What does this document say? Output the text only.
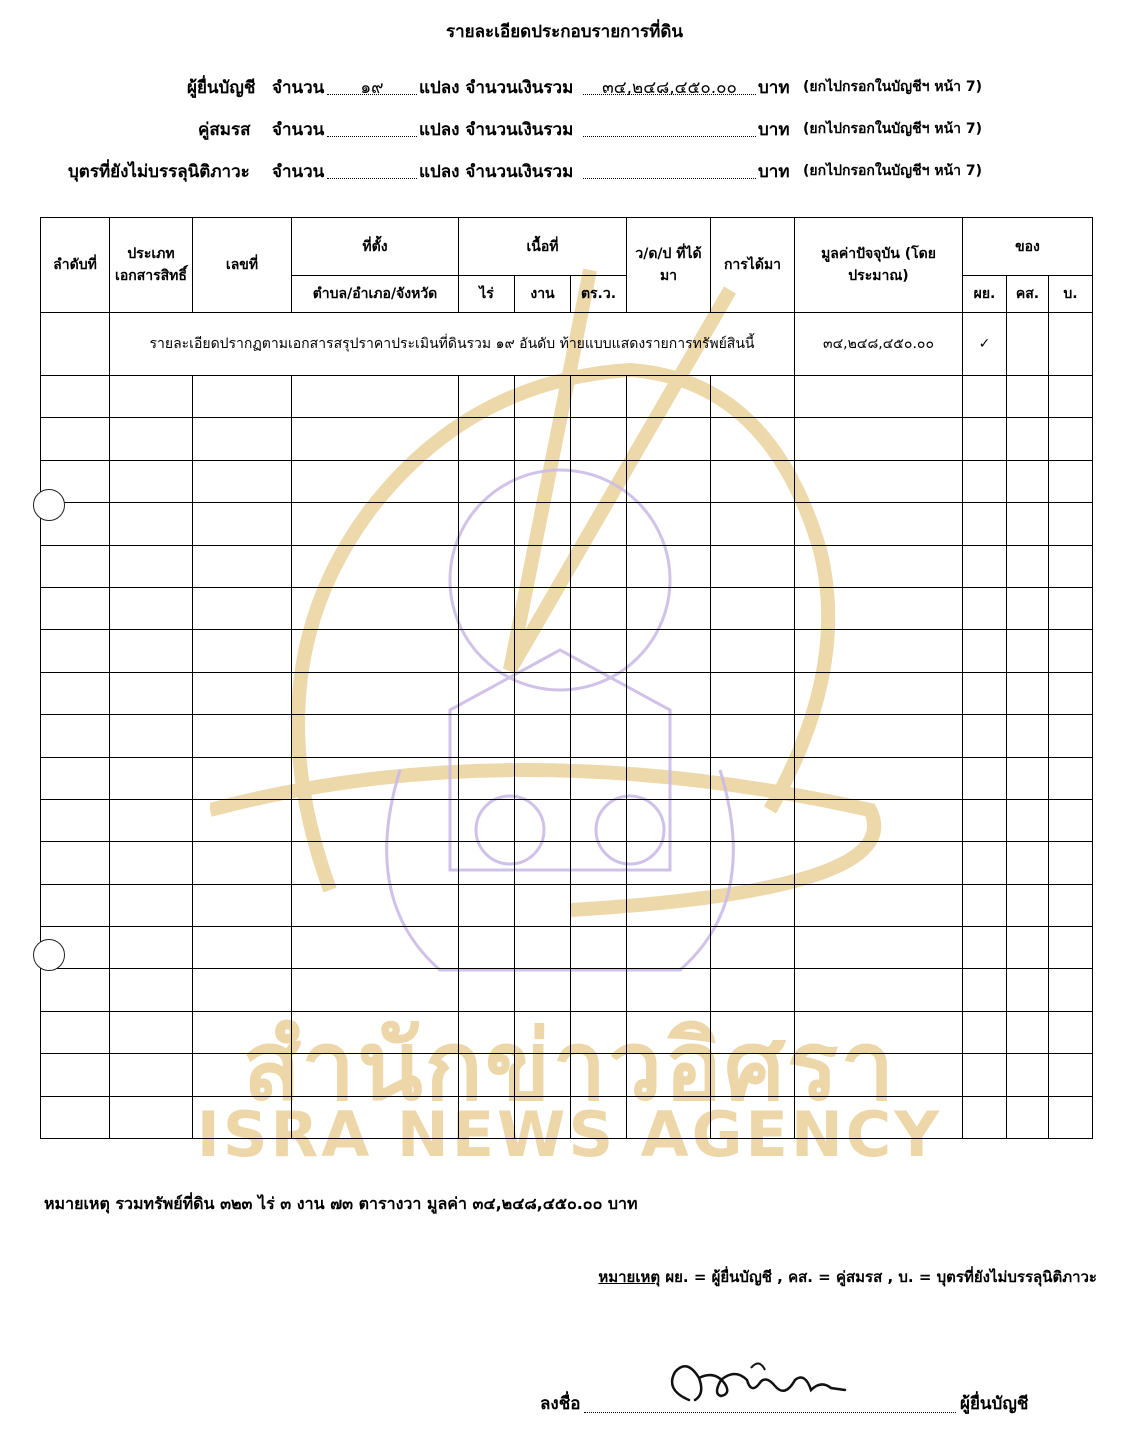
รายละเอียดประกอบรายการที่ดิน
ผู้ยื่นบัญชี จำนวน	๑๙	แปลง จำนวนเงินรวม	๓๔,๒๔๘,๔๕๐.๐๐	บาท (ยกไปกรอกในบัญชีฯ หน้า 7)
คู่สมรส จำนวน	แปลง จำนวนเงินรวม	บาท (ยกไปกรอกในบัญชีฯ หน้า 7)
บุตรที่ยังไม่บรรลุนิติภาวะ จำนวน	แปลง จำนวนเงินรวม	บาท (ยกไปกรอกในบัญชีฯ หน้า 7)
สำนักข่าวอิศรา
ISRA NEWS AGENCY
ลำดับที่	ประเภทเอกสารสิทธิ์	เลขที่	ที่ตั้ง	เนื้อที่			ว/ด/ป ที่ได้มา	การได้มา	มูลค่าปัจจุบัน (โดยประมาณ)	ของ		
			ตำบล/อำเภอ/จังหวัด	ไร่	งาน	ตร.ว.				ผย.	คส.	บ.
	รายละเอียดปรากฏตามเอกสารสรุปราคาประเมินที่ดินรวม ๑๙ อันดับ ท้ายแบบแสดงรายการทรัพย์สินนี้								๓๔,๒๔๘,๔๕๐.๐๐	✓		

หมายเหตุ รวมทรัพย์ที่ดิน ๓๒๓ ไร่ ๓ งาน ๗๓ ตารางวา มูลค่า ๓๔,๒๔๘,๔๕๐.๐๐ บาท
หมายเหตุ ผย. = ผู้ยื่นบัญชี , คส. = คู่สมรส , บ. = บุตรที่ยังไม่บรรลุนิติภาวะ
ลงชื่อ	ผู้ยื่นบัญชี
